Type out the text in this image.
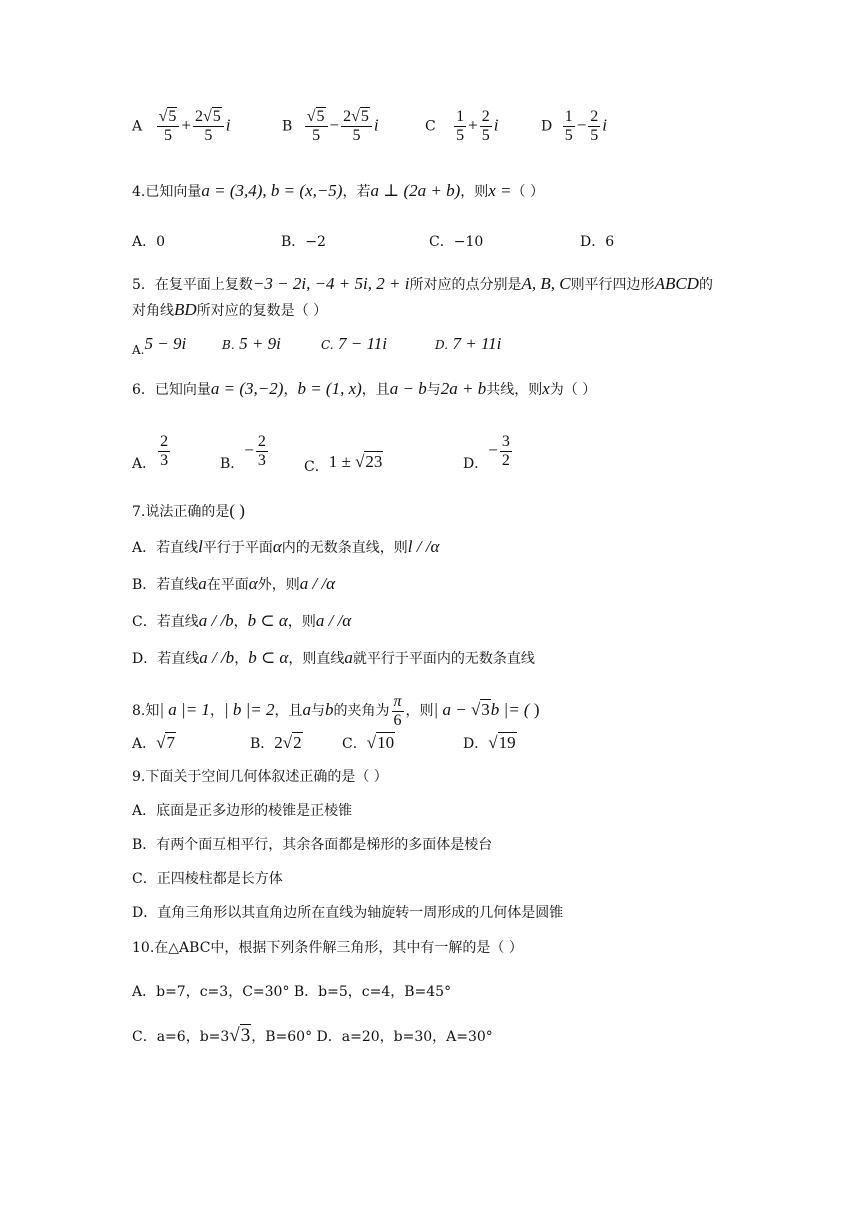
A $\frac{√5}{5} + \frac{2√5}{5}$ i	B $\frac{√5}{5} - \frac{2√5}{5}$ i	C $\frac{1}{5} + \frac{2}{5}$ i	D $\frac{1}{5} - \frac{2}{5}$ i
4.已知向量a = (3,4), b = (x,−5)，若a ⊥ (2a + b)，则x =（ ）
A．0	B．−2	C．−10	D．6
5．在复平面上复数−3 − 2i, −4 + 5i, 2 + i所对应的点分别是A, B, C则平行四边形ABCD的
对角线BD所对应的复数是（ ）
A.5 − 9i	B. 5 + 9i	C. 7 − 11i	D. 7 + 11i
6．已知向量a = (3,−2)，b = (1, x)，且a − b与2a + b共线，则x为（ ）
A． $\frac{2}{3}$	B．− $\frac{2}{3}$	C．1 ± √23	D．− $\frac{3}{2}$
7.说法正确的是( )
A．若直线l平行于平面α内的无数条直线，则l / /α
B．若直线a在平面α外，则a / /α
C．若直线a / /b，b ⊂ α，则a / /α
D．若直线a / /b，b ⊂ α，则直线a就平行于平面内的无数条直线
8.知| a |= 1，| b |= 2，且a与b的夹角为 $\frac{\pi}{6}$ ，则| a − √3b |= ( )
A．√7	B．2√2	C．√10	D．√19
9.下面关于空间几何体叙述正确的是（ ）
A．底面是正多边形的棱锥是正棱锥
B．有两个面互相平行，其余各面都是梯形的多面体是棱台
C．正四棱柱都是长方体
D．直角三角形以其直角边所在直线为轴旋转一周形成的几何体是圆锥
10.在△ABC中，根据下列条件解三角形，其中有一解的是（ ）
A．b=7，c=3，C=30° B．b=5，c=4，B=45°
C．a=6，b=3√3，B=60° D．a=20，b=30，A=30°
